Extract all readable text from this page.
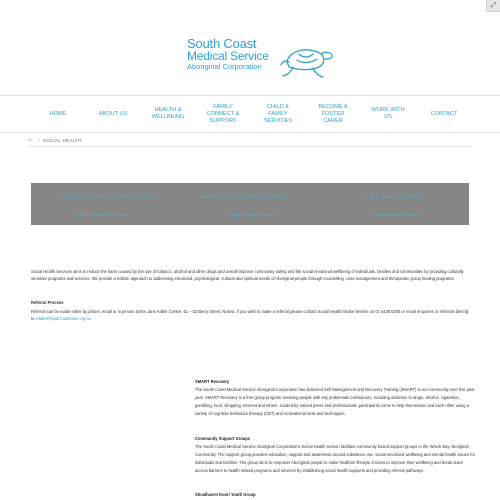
⤢
South Coast
Medical Service
Aboriginal Corporation
HOME	ABOUT US
HEALTH & WELLBEING
FAMILY CONNECT & SUPPORT
CHILD & FAMILY SERVICES
BECOME A FOSTER CARER
WORK WITH US
CONTACT
⌂ › SOCIAL HEALTH
Community Support Groups & Referral Services	Emotional & Social Wellbeing Counselling	Drug & Alcohol Counselling
SMART Recovery Groups	Family Support Groups	Mental Health Services
Social Health Services aims to reduce the harm caused by the use of tobacco, alcohol and other drugs and overall improve community safety and the social emotional wellbeing of individuals, families and communities by providing culturally sensitive programs and services. We provide a holistic approach to addressing emotional, psychological, cultural and spiritual needs of Aboriginal people through counselling, case management and therapeutic group healing programs.
Referral Process
Referral can be made either by phone, email or in person at the Jane Ardler Centre, 51 – 53 Berry Street, Nowra. If you wish to make a referral please contact Social Health Intake Worker on 02 4448 0200 or email enquiries or referrals directly to intake@southcoastams.org.au
SMART Recovery
The South Coast Medical Service Aboriginal Corporation has delivered Self Management and Recovery Training (SMART) to our community over this past year. SMART Recovery is a free group program assisting people with any problematic behaviours, including addiction to drugs, alcohol, cigarettes, gambling, food, shopping, Internet and others. Guided by trained peers and professionals, participants come to help themselves and each other using a variety of cognitive behaviour therapy (CBT) and motivational tools and techniques.
Community Support Groups
The South Coast Medical Service Aboriginal Corporation's Social Health section facilitate community based support groups in the Wreck Bay Aboriginal Community. The support group provides education, support and awareness around substance use, social emotional wellbeing and mental health issues for individuals and families. The group aims to empower Aboriginal people to make healthier lifestyle choices to improve their wellbeing and break down access barriers to health related programs and services by establishing social health supports and providing referral pathways.
Shoalhaven Koori Youth Group
